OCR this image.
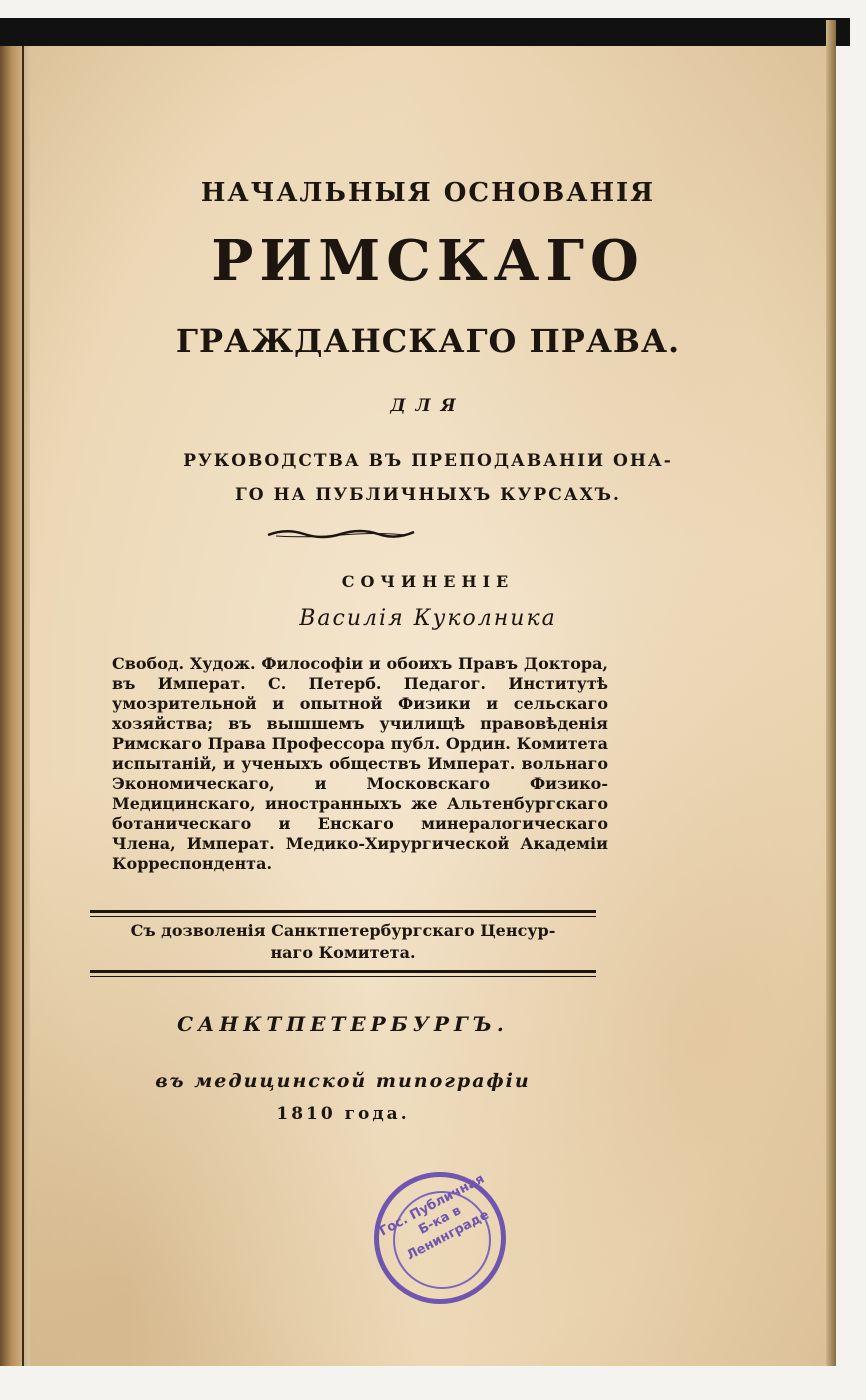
НАЧАЛЬНЫЯ ОСНОВАНІЯ
РИМСКАГО
ГРАЖДАНСКАГО ПРАВА.
ДЛЯ
РУКОВОДСТВА ВЪ ПРЕПОДАВАНІИ ОНА-
ГО НА ПУБЛИЧНЫХЪ КУРСАХЪ.
СОЧИНЕНІЕ
Василія Куколника
Свобод. Худож. Философіи и обоихъ Правъ Доктора, въ Императ. С. Петерб. Педагог. Институтѣ умозрительной и опытной Физики и сельскаго хозяйства; въ вышшемъ училищѣ правовѣденія Римскаго Права Профессора публ. Ордин. Комитета испытаній, и ученыхъ обществъ Императ. вольнаго Экономическаго, и Московскаго Физико-Медицинскаго, иностранныхъ же Альтенбургскаго ботаническаго и Енскаго минералогическаго Члена, Императ. Медико-Хирургической Академіи Корреспондента.
Съ дозволенія Санктпетербургскаго Ценсур-
наго Комитета.
САНКТПЕТЕРБУРГЪ.
въ медицинской типографіи
1810 года.
Гос. Публичная Б-ка в Ленинграде
